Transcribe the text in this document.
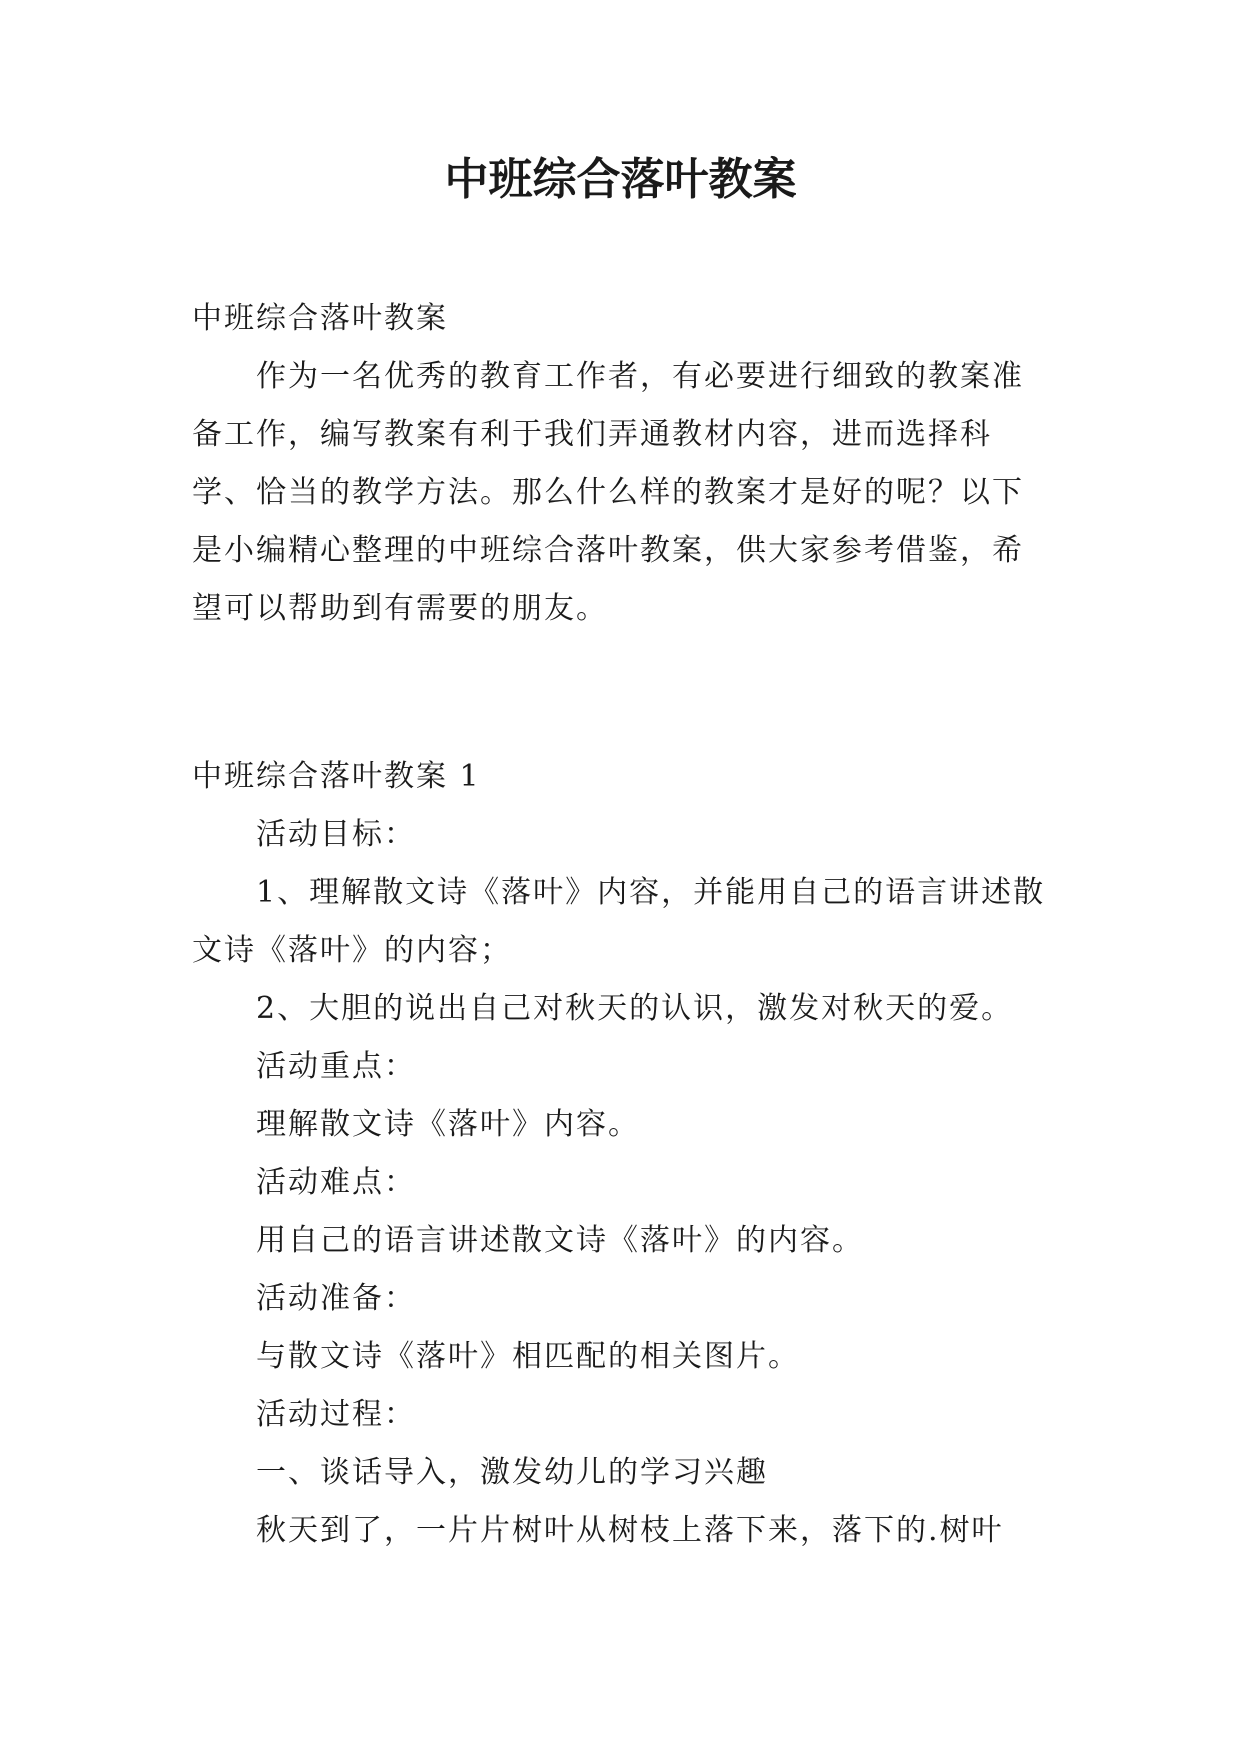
中班综合落叶教案

中班综合落叶教案

作为一名优秀的教育工作者，有必要进行细致的教案准备工作，编写教案有利于我们弄通教材内容，进而选择科学、恰当的教学方法。那么什么样的教案才是好的呢？以下是小编精心整理的中班综合落叶教案，供大家参考借鉴，希望可以帮助到有需要的朋友。

中班综合落叶教案 1

活动目标：

1、理解散文诗《落叶》内容，并能用自己的语言讲述散文诗《落叶》的内容；

2、大胆的说出自己对秋天的认识，激发对秋天的爱。

活动重点：

理解散文诗《落叶》内容。

活动难点：

用自己的语言讲述散文诗《落叶》的内容。

活动准备：

与散文诗《落叶》相匹配的相关图片。

活动过程：

一、谈话导入，激发幼儿的学习兴趣

秋天到了，一片片树叶从树枝上落下来，落下的.树叶
